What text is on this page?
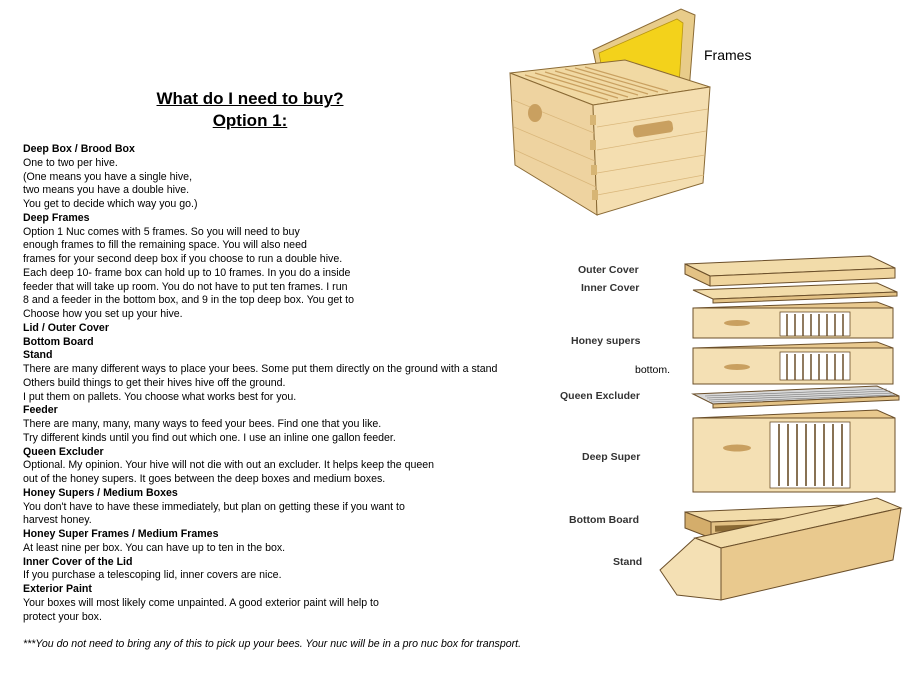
What do I need to buy?
Option 1:
Deep Box / Brood Box
One to two per hive.
(One means you have a single hive,
two means you have a double hive.
You get to decide which way you go.)
Deep Frames
Option 1 Nuc comes with 5 frames. So you will need to buy
enough frames to fill the remaining space. You will also need
frames for your second deep box if you choose to run a double hive.
Each deep 10- frame box can hold up to 10 frames. In you do a inside
feeder that will take up room. You do not have to put ten frames. I run
8 and a feeder in the bottom box, and 9 in the top deep box. You get to
Choose how you set up your hive.
Lid / Outer Cover
Bottom Board
Stand
There are many different ways to place your bees. Some put them directly on the ground with a stand
Others build things to get their hives hive off the ground.
I put them on pallets. You choose what works best for you.
Feeder
There are many, many, many ways to feed your bees. Find one that you like.
Try different kinds until you find out which one. I use an inline one gallon feeder.
Queen Excluder
Optional. My opinion. Your hive will not die with out an excluder. It helps keep the queen
out of the honey supers. It goes between the deep boxes and medium boxes.
Honey Supers / Medium Boxes
You don't have to have these immediately, but plan on getting these if you want to
harvest honey.
Honey Super Frames / Medium Frames
At least nine per box. You can have up to ten in the box.
Inner Cover of the Lid
If you purchase a telescoping lid, inner covers are nice.
Exterior Paint
Your boxes will most likely come unpainted. A good exterior paint will help to
protect your box.
***You do not need to bring any of this to pick up your bees. Your nuc will be in a pro nuc box for transport.
Frames
Outer Cover
Inner Cover
Honey supers
bottom.
Queen Excluder
Deep Super
Bottom Board
Stand
